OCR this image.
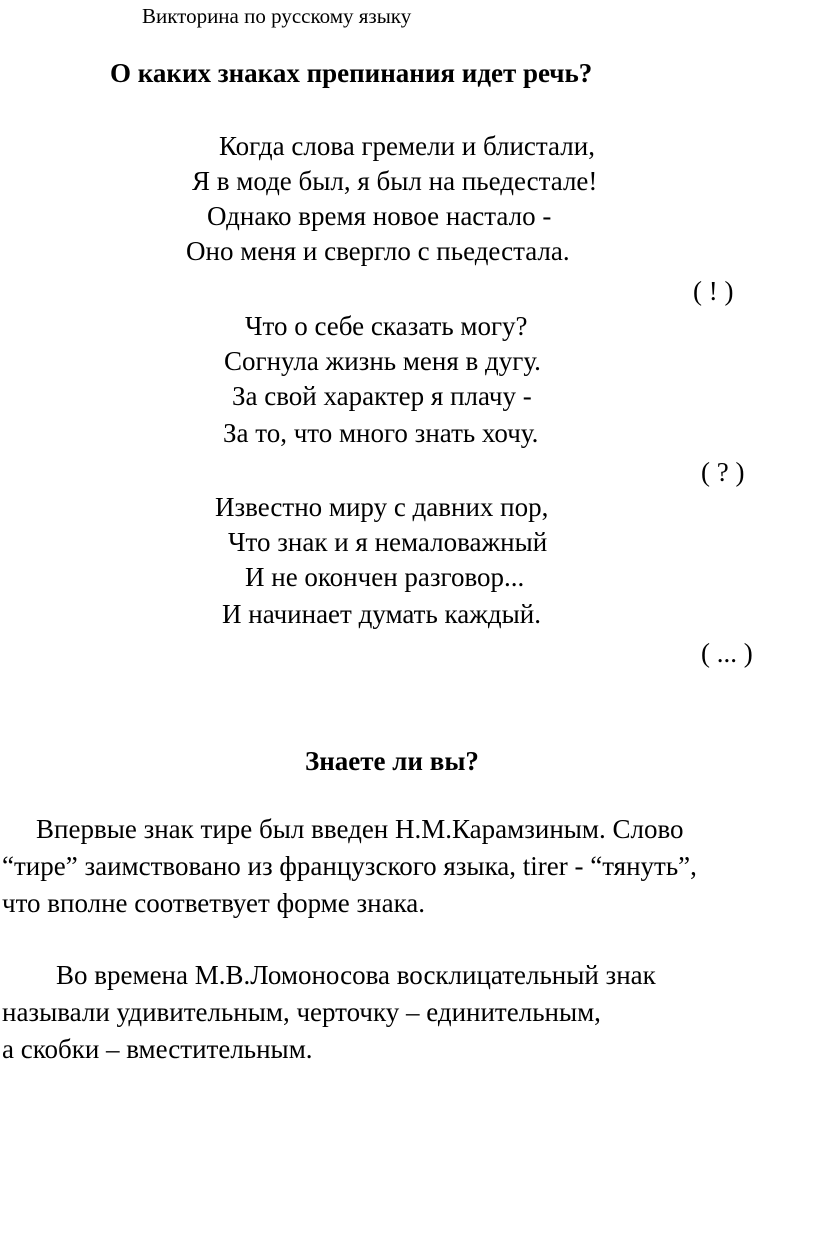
Викторина по русскому языку

О каких знаках препинания идет речь?

Когда слова гремели и блистали,

Я в моде был, я был на пьедестале!

Однако время новое настало -

Оно меня и свергло с пьедестала.

( ! )

Что о себе сказать могу?

Согнула жизнь меня в дугу.

За свой характер я плачу -

За то, что много знать хочу.

( ? )

Известно миру с давних пор,

Что знак и я немаловажный

И не окончен разговор...

И начинает думать каждый.

( ... )

Знаете ли вы?

Впервые знак тире был введен Н.М.Карамзиным. Слово

“тире” заимствовано из французского языка, tirer - “тянуть”,

что вполне соответвует форме знака.

Во времена М.В.Ломоносова восклицательный знак

называли удивительным, черточку – единительным,

а скобки – вместительным.
